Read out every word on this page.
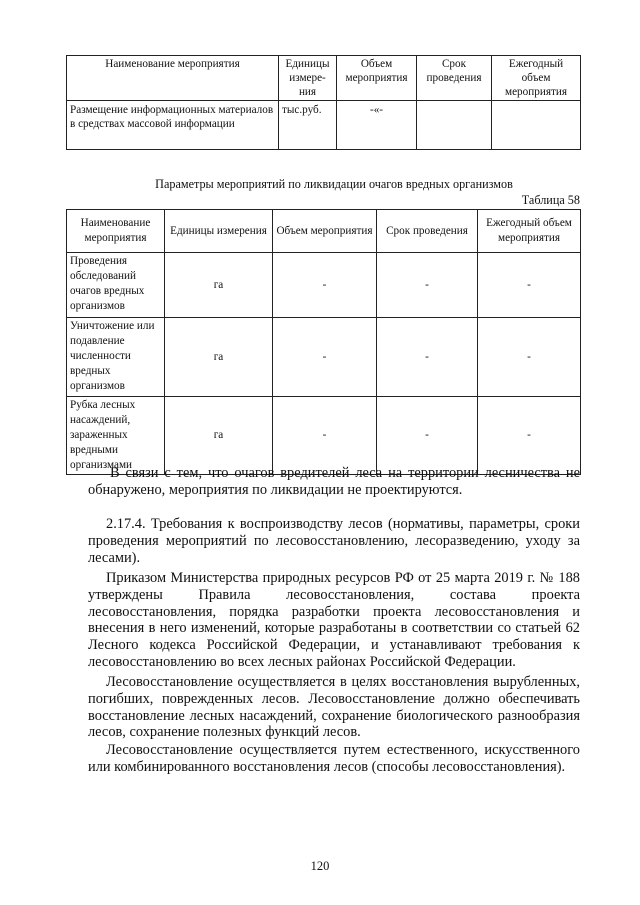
Наименование мероприятия	Единицы измере- ния	Объем мероприятия	Срок проведения	Ежегодный объем мероприятия
Размещение информационных материалов в средствах массовой информации	тыс.руб.	-«-		
Параметры мероприятий по ликвидации очагов вредных организмов
Таблица 58
Наименование мероприятия	Единицы измерения	Объем мероприятия	Срок проведения	Ежегодный объем мероприятия
Проведения обследований очагов вредных организмов	га	-	-	-
Уничтожение или подавление численности вредных организмов	га	-	-	-
Рубка лесных насаждений, зараженных вредными организмами	га	-	-	-
В связи с тем, что очагов вредителей леса на территории лесничества не обнаружено, мероприятия по ликвидации не проектируются.
2.17.4. Требования к воспроизводству лесов (нормативы, параметры, сроки проведения мероприятий по лесовосстановлению, лесоразведению, уходу за лесами).
Приказом Министерства природных ресурсов РФ от 25 марта 2019 г. № 188 утверждены Правила лесовосстановления, состава проекта лесовосстановления, порядка разработки проекта лесовосстановления и внесения в него изменений, которые разработаны в соответствии со статьей 62 Лесного кодекса Российской Федерации, и устанавливают требования к лесовосстановлению во всех лесных районах Российской Федерации.
Лесовосстановление осуществляется в целях восстановления вырубленных, погибших, поврежденных лесов. Лесовосстановление должно обеспечивать восстановление лесных насаждений, сохранение биологического разнообразия лесов, сохранение полезных функций лесов.
Лесовосстановление осуществляется путем естественного, искусственного или комбинированного восстановления лесов (способы лесовосстановления).
120
